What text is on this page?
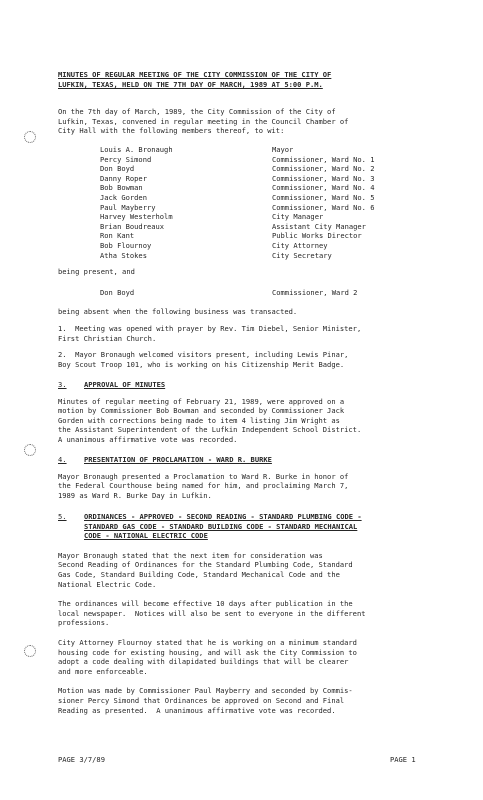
MINUTES OF REGULAR MEETING OF THE CITY COMMISSION OF THE CITY OF
LUFKIN, TEXAS, HELD ON THE 7TH DAY OF MARCH, 1989 AT 5:00 P.M.

On the 7th day of March, 1989, the City Commission of the City of
Lufkin, Texas, convened in regular meeting in the Council Chamber of
City Hall with the following members thereof, to wit:

Louis A. Bronaugh	Mayor
Percy Simond	Commissioner, Ward No. 1
Don Boyd	Commissioner, Ward No. 2
Danny Roper	Commissioner, Ward No. 3
Bob Bowman	Commissioner, Ward No. 4
Jack Gorden	Commissioner, Ward No. 5
Paul Mayberry	Commissioner, Ward No. 6
Harvey Westerholm	City Manager
Brian Boudreaux	Assistant City Manager
Ron Kant	Public Works Director
Bob Flournoy	City Attorney
Atha Stokes	City Secretary

being present, and

Don Boyd	Commissioner, Ward 2

being absent when the following business was transacted.

1.  Meeting was opened with prayer by Rev. Tim Diebel, Senior Minister,
First Christian Church.

2.  Mayor Bronaugh welcomed visitors present, including Lewis Pinar,
Boy Scout Troop 101, who is working on his Citizenship Merit Badge.

3.	APPROVAL OF MINUTES

Minutes of regular meeting of February 21, 1989, were approved on a
motion by Commissioner Bob Bowman and seconded by Commissioner Jack
Gorden with corrections being made to item 4 listing Jim Wright as
the Assistant Superintendent of the Lufkin Independent School District.
A unanimous affirmative vote was recorded.

4.	PRESENTATION OF PROCLAMATION - WARD R. BURKE

Mayor Bronaugh presented a Proclamation to Ward R. Burke in honor of
the Federal Courthouse being named for him, and proclaiming March 7,
1989 as Ward R. Burke Day in Lufkin.

5.	ORDINANCES - APPROVED - SECOND READING - STANDARD PLUMBING CODE -
STANDARD GAS CODE - STANDARD BUILDING CODE - STANDARD MECHANICAL
CODE - NATIONAL ELECTRIC CODE

Mayor Bronaugh stated that the next item for consideration was
Second Reading of Ordinances for the Standard Plumbing Code, Standard
Gas Code, Standard Building Code, Standard Mechanical Code and the
National Electric Code.

The ordinances will become effective 10 days after publication in the
local newspaper.  Notices will also be sent to everyone in the different
professions.

City Attorney Flournoy stated that he is working on a minimum standard
housing code for existing housing, and will ask the City Commission to
adopt a code dealing with dilapidated buildings that will be clearer
and more enforceable.

Motion was made by Commissioner Paul Mayberry and seconded by Commis-
sioner Percy Simond that Ordinances be approved on Second and Final
Reading as presented.  A unanimous affirmative vote was recorded.

PAGE 3/7/89	PAGE 1
